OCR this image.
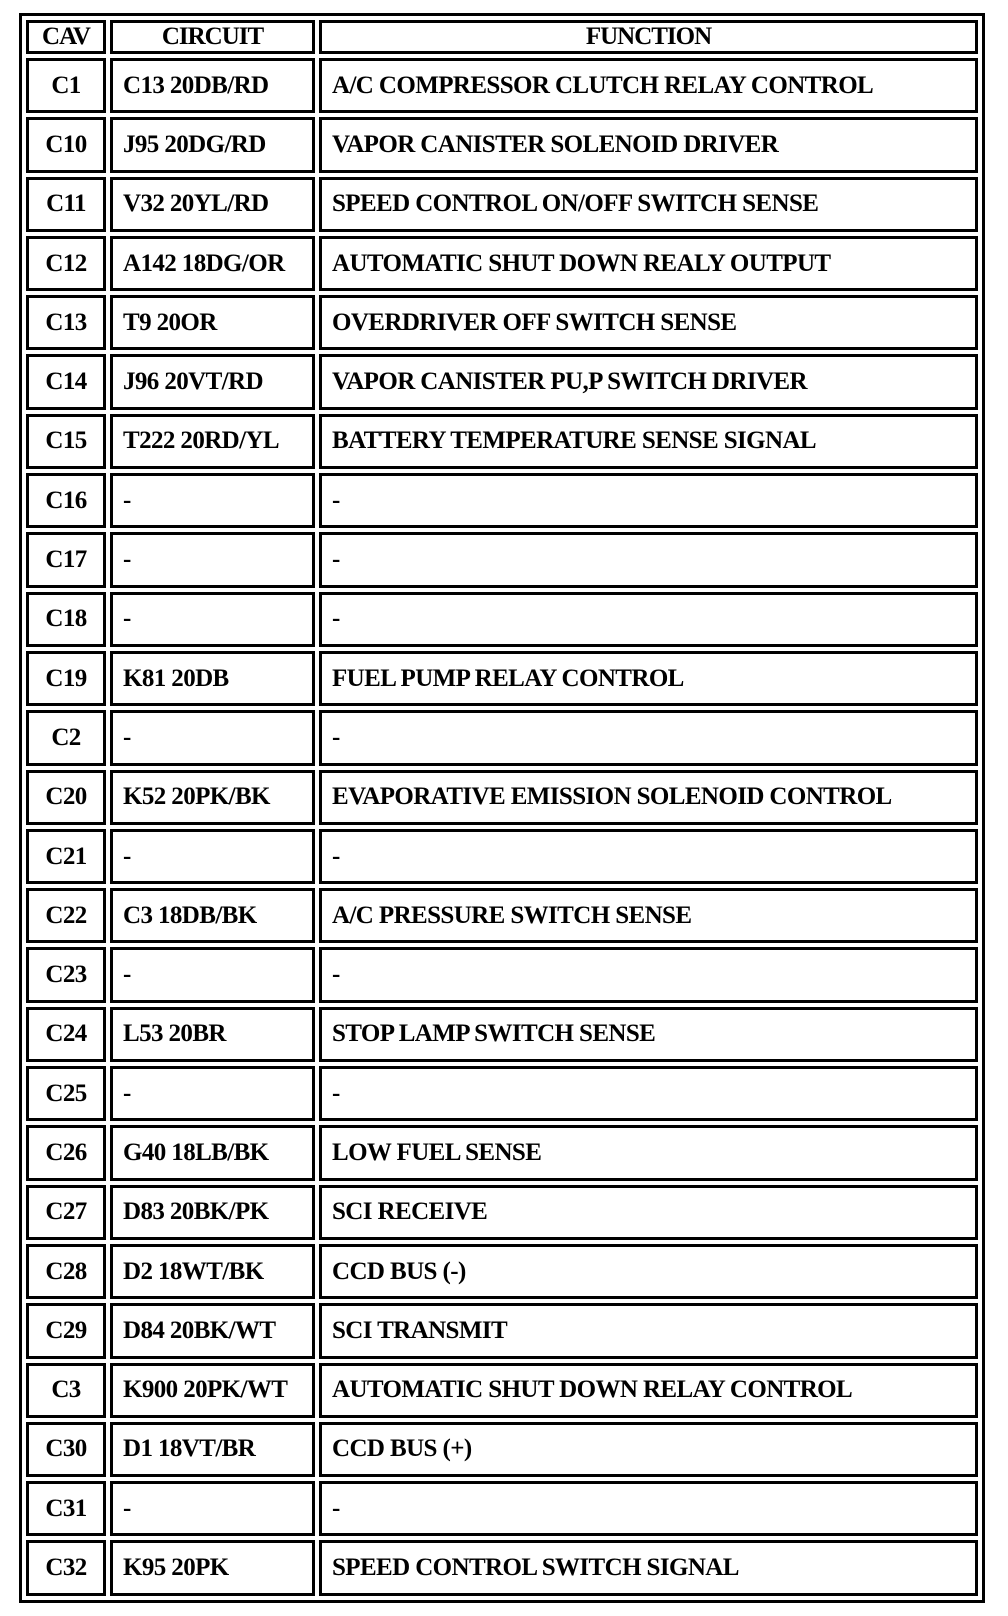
CAV	CIRCUIT	FUNCTION
C1	C13 20DB/RD	A/C COMPRESSOR CLUTCH RELAY CONTROL
C10	J95 20DG/RD	VAPOR CANISTER SOLENOID DRIVER
C11	V32 20YL/RD	SPEED CONTROL ON/OFF SWITCH SENSE
C12	A142 18DG/OR	AUTOMATIC SHUT DOWN REALY OUTPUT
C13	T9 20OR	OVERDRIVER OFF SWITCH SENSE
C14	J96 20VT/RD	VAPOR CANISTER PU,P SWITCH DRIVER
C15	T222 20RD/YL	BATTERY TEMPERATURE SENSE SIGNAL
C16	-	-
C17	-	-
C18	-	-
C19	K81 20DB	FUEL PUMP RELAY CONTROL
C2	-	-
C20	K52 20PK/BK	EVAPORATIVE EMISSION SOLENOID CONTROL
C21	-	-
C22	C3 18DB/BK	A/C PRESSURE SWITCH SENSE
C23	-	-
C24	L53 20BR	STOP LAMP SWITCH SENSE
C25	-	-
C26	G40 18LB/BK	LOW FUEL SENSE
C27	D83 20BK/PK	SCI RECEIVE
C28	D2 18WT/BK	CCD BUS (-)
C29	D84 20BK/WT	SCI TRANSMIT
C3	K900 20PK/WT	AUTOMATIC SHUT DOWN RELAY CONTROL
C30	D1 18VT/BR	CCD BUS (+)
C31	-	-
C32	K95 20PK	SPEED CONTROL SWITCH SIGNAL
